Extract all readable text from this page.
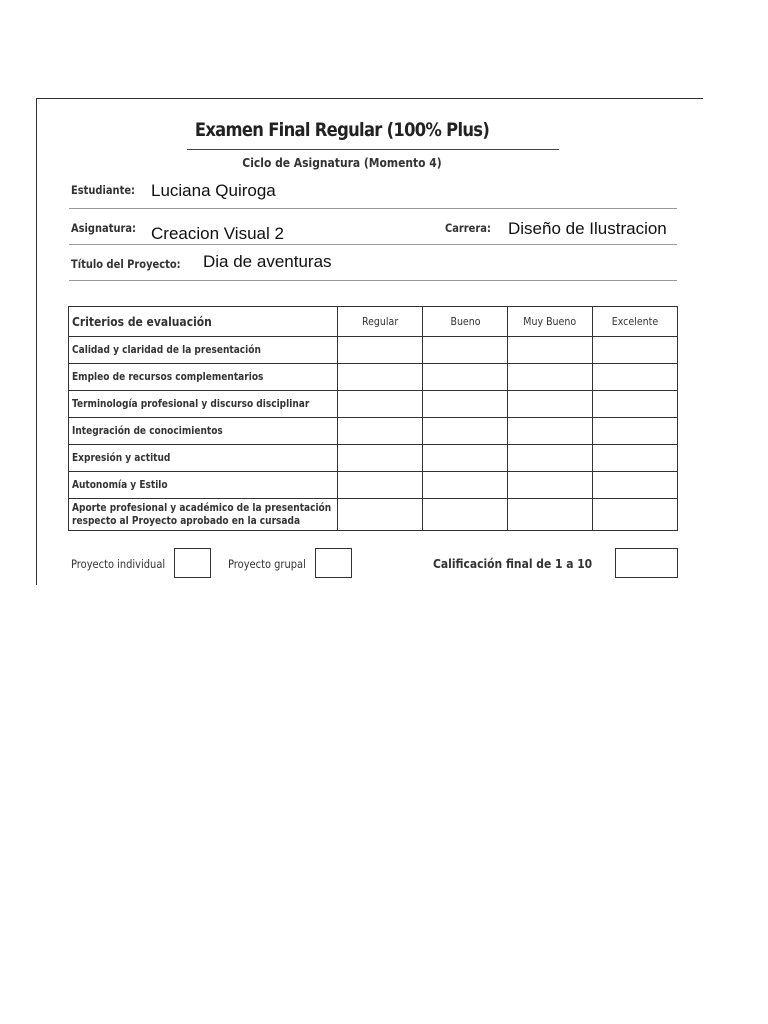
Examen Final Regular (100% Plus)
Ciclo de Asignatura (Momento 4)
Estudiante: Luciana Quiroga
Asignatura: Creacion Visual 2	Carrera: Diseño de Ilustracion
Título del Proyecto: Dia de aventuras
Criterios de evaluación	Regular	Bueno	Muy Bueno	Excelente
Calidad y claridad de la presentación				
Empleo de recursos complementarios				
Terminología profesional y discurso disciplinar				
Integración de conocimientos				
Expresión y actitud				
Autonomía y Estilo				
Aporte profesional y académico de la presentación
respecto al Proyecto aprobado en la cursada				
Proyecto individual	Proyecto grupal	Calificación final de 1 a 10
